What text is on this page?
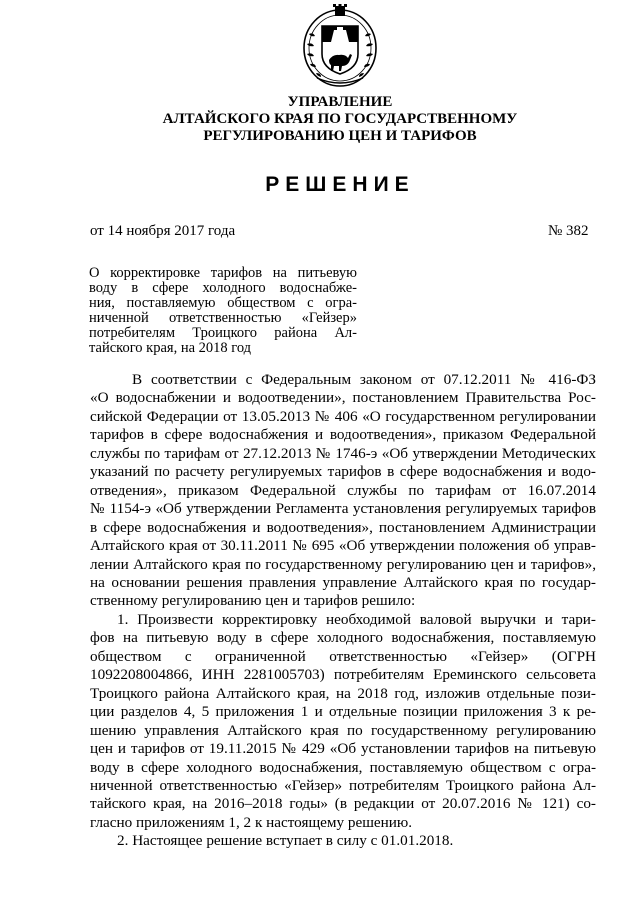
УПРАВЛЕНИЕ
АЛТАЙСКОГО КРАЯ ПО ГОСУДАРСТВЕННОМУ
РЕГУЛИРОВАНИЮ ЦЕН И ТАРИФОВ
РЕШЕНИЕ
от 14 ноября 2017 года	№ 382
О корректировке тарифов на питьевую
воду в сфере холодного водоснабже-
ния, поставляемую обществом с огра-
ниченной ответственностью «Гейзер»
потребителям Троицкого района Ал-
тайского края, на 2018 год
В соответствии с Федеральным законом от 07.12.2011 № 416-ФЗ
«О водоснабжении и водоотведении», постановлением Правительства Рос-
сийской Федерации от 13.05.2013 № 406 «О государственном регулировании
тарифов в сфере водоснабжения и водоотведения», приказом Федеральной
службы по тарифам от 27.12.2013 № 1746-э «Об утверждении Методических
указаний по расчету регулируемых тарифов в сфере водоснабжения и водо-
отведения», приказом Федеральной службы по тарифам от 16.07.2014
№ 1154-э «Об утверждении Регламента установления регулируемых тарифов
в сфере водоснабжения и водоотведения», постановлением Администрации
Алтайского края от 30.11.2011 № 695 «Об утверждении положения об управ-
лении Алтайского края по государственному регулированию цен и тарифов»,
на основании решения правления управление Алтайского края по государ-
ственному регулированию цен и тарифов решило:
1. Произвести корректировку необходимой валовой выручки и тари-
фов на питьевую воду в сфере холодного водоснабжения, поставляемую
обществом с ограниченной ответственностью «Гейзер» (ОГРН
1092208004866, ИНН 2281005703) потребителям Ереминского сельсовета
Троицкого района Алтайского края, на 2018 год, изложив отдельные пози-
ции разделов 4, 5 приложения 1 и отдельные позиции приложения 3 к ре-
шению управления Алтайского края по государственному регулированию
цен и тарифов от 19.11.2015 № 429 «Об установлении тарифов на питьевую
воду в сфере холодного водоснабжения, поставляемую обществом с огра-
ниченной ответственностью «Гейзер» потребителям Троицкого района Ал-
тайского края, на 2016–2018 годы» (в редакции от 20.07.2016 № 121) со-
гласно приложениям 1, 2 к настоящему решению.
2. Настоящее решение вступает в силу с 01.01.2018.
